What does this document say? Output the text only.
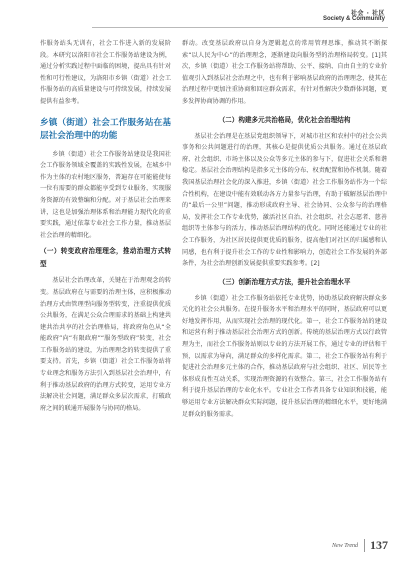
社会 · 社区
Society & Community
作服务站头无训有，社会工作进入新的发展阶段。本研究以洛阳市社会工作服务站建设为例，通过分析实践过程中面临的困境，提出具有针对性和可行性建议，为洛阳市乡镇（街道）社会工作服务站的高质量建设与可持续发展，持续发展提供有益参考。
乡镇（街道）社会工作服务站在基层社会治理中的功能
乡镇（街道）社会工作服务站建设是我国社会工作服务领域全覆盖的实践性发展，在城乡中作为主体的农村地区服务，普遍存在可能能使每一位有需要的群众都能享受到专业服务，实现服务资源的有效整编和分配。对于基层社会治理来讲，这也是加强治理体系和治理能力现代化的重要实践，通过依靠专业社会工作力量，推动基层社会治理的精细化。
（一）转变政府治理理念，推动治理方式转型
基层社会治理改革，关键在于治理观念的转变。基层政府在与需要的治理主体，应积极推动治理方式由管理型向服务型转变，注重提供优质公共服务，在满足公众合理需求的基础上构建共建共治共享的社会治理格局，将政府角色从“全能政府”向“有限政府”“服务型政府”转变，社会工作服务站的建设，为治理理念的转变提供了重要支持。首先，乡镇（街道）社会工作服务站将专业理念和服务方法引入到基层社会治理中，有利于推动基层政府的治理方式转变，运用专业方法解决社会问题，满足群众多层次需求，打破政府之间的联通开展服务与协同的格局。
群动。改变基层政府以自身为逻辑起点的常用管理思维，推动其不断探索“以人民为中心”的治理理念，逐渐建设向服务型的治理格局转变。[1]其次，乡镇（街道）社会工作服务站将帮助、公平、接纳、自由自主的专业价值观引入到基层社会治理之中，也有利于影响基层政府的治理理念，使其在治理过程中更加注重协商和回应群众需求，有针对性解决少数群体问题，更多发挥协商协调的作用。
（二）构建多元共治格局，优化社会治理结构
基层社会治理是在基层党组织领导下，对城市社区和农村中的社会公共事务和公共问题进行的治理，其核心是提供优质公共服务。通过在基层政府、社会组织、市场主体以及公众等多元主体的参与下，促进社会关系和谐稳定。基层社会治理结构是指多元主体的分布、权责配置和协作机制。随着我国基层治理社会化的深入推进，乡镇（街道）社会工作服务站作为一个综合性机构，在建设中能有效联动各方力量参与治理，有助于破解基层治理中的“最后一公里”问题，推动形成政府主导、社会协同、公众参与的治理格局，发挥社会工作专业优势，激活社区自治、社会组织、社会志愿者、慈善组织等主体参与的活力，推动基层治理结构的优化。同时还能通过专业的社会工作服务，为社区居民提供更优质的服务，提高他们对社区的归属感和认同感，也有利于提升社会工作的专业性和影响力，创造社会工作发展的外部条件，为社会治理创新发展提供重要实践参考。[2]
（三）创新治理方式方法，提升社会治理水平
乡镇（街道）社会工作服务站依托专业优势，协助基层政府解决群众多元化的社会公共服务。在提升服务水平和治理水平的同时，基层政府可以更好地发挥作用，从而实现社会治理的现代化。第一，社会工作服务站的建设和运营有利于推动基层社会治理方式的创新。传统的基层治理方式以行政管理为主，而社会工作服务站则以专业的方法开展工作，通过专业的评估和干预，以需求为导向，满足群众的多样化需求。第二，社会工作服务站有利于促进社会治理多元主体的合作，推动基层政府与社会组织、社区、居民等主体形成良性互动关系，实现治理资源的有效整合。第三，社会工作服务站有利于提升基层治理的专业化水平。专业社会工作者具备专业知识和技能，能够运用专业方法解决群众实际问题，提升基层治理的精细化水平，更好地满足群众的服务需求。
New Trend 137
